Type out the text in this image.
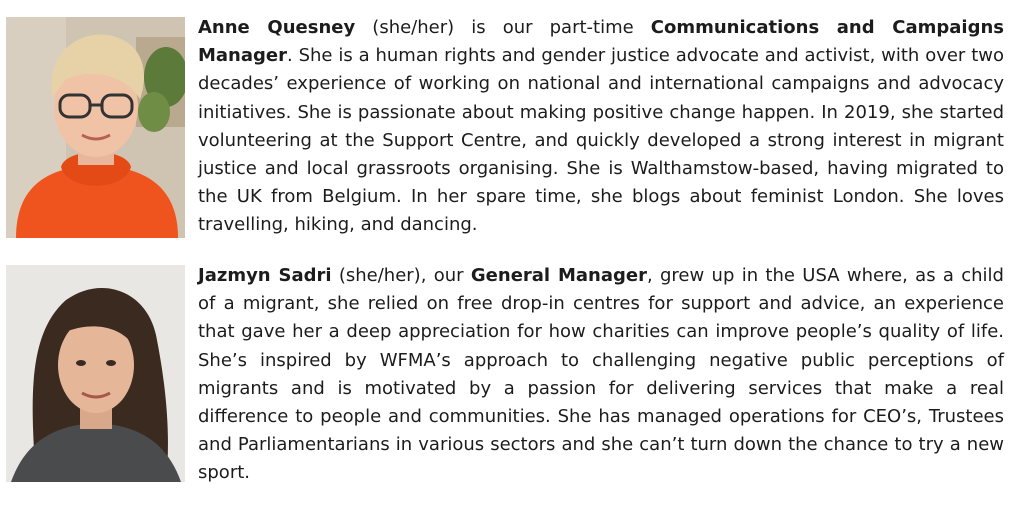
Anne Quesney (she/her) is our part-time Communications and Campaigns Manager. She is a human rights and gender justice advocate and activist, with over two decades’ experience of working on national and international campaigns and advocacy initiatives. She is passionate about making positive change happen. In 2019, she started volunteering at the Support Centre, and quickly developed a strong interest in migrant justice and local grassroots organising. She is Walthamstow-based, having migrated to the UK from Belgium. In her spare time, she blogs about feminist London. She loves travelling, hiking, and dancing.

Jazmyn Sadri (she/her), our General Manager, grew up in the USA where, as a child of a migrant, she relied on free drop-in centres for support and advice, an experience that gave her a deep appreciation for how charities can improve people’s quality of life. She’s inspired by WFMA’s approach to challenging negative public perceptions of migrants and is motivated by a passion for delivering services that make a real difference to people and communities. She has managed operations for CEO’s, Trustees and Parliamentarians in various sectors and she can’t turn down the chance to try a new sport.
